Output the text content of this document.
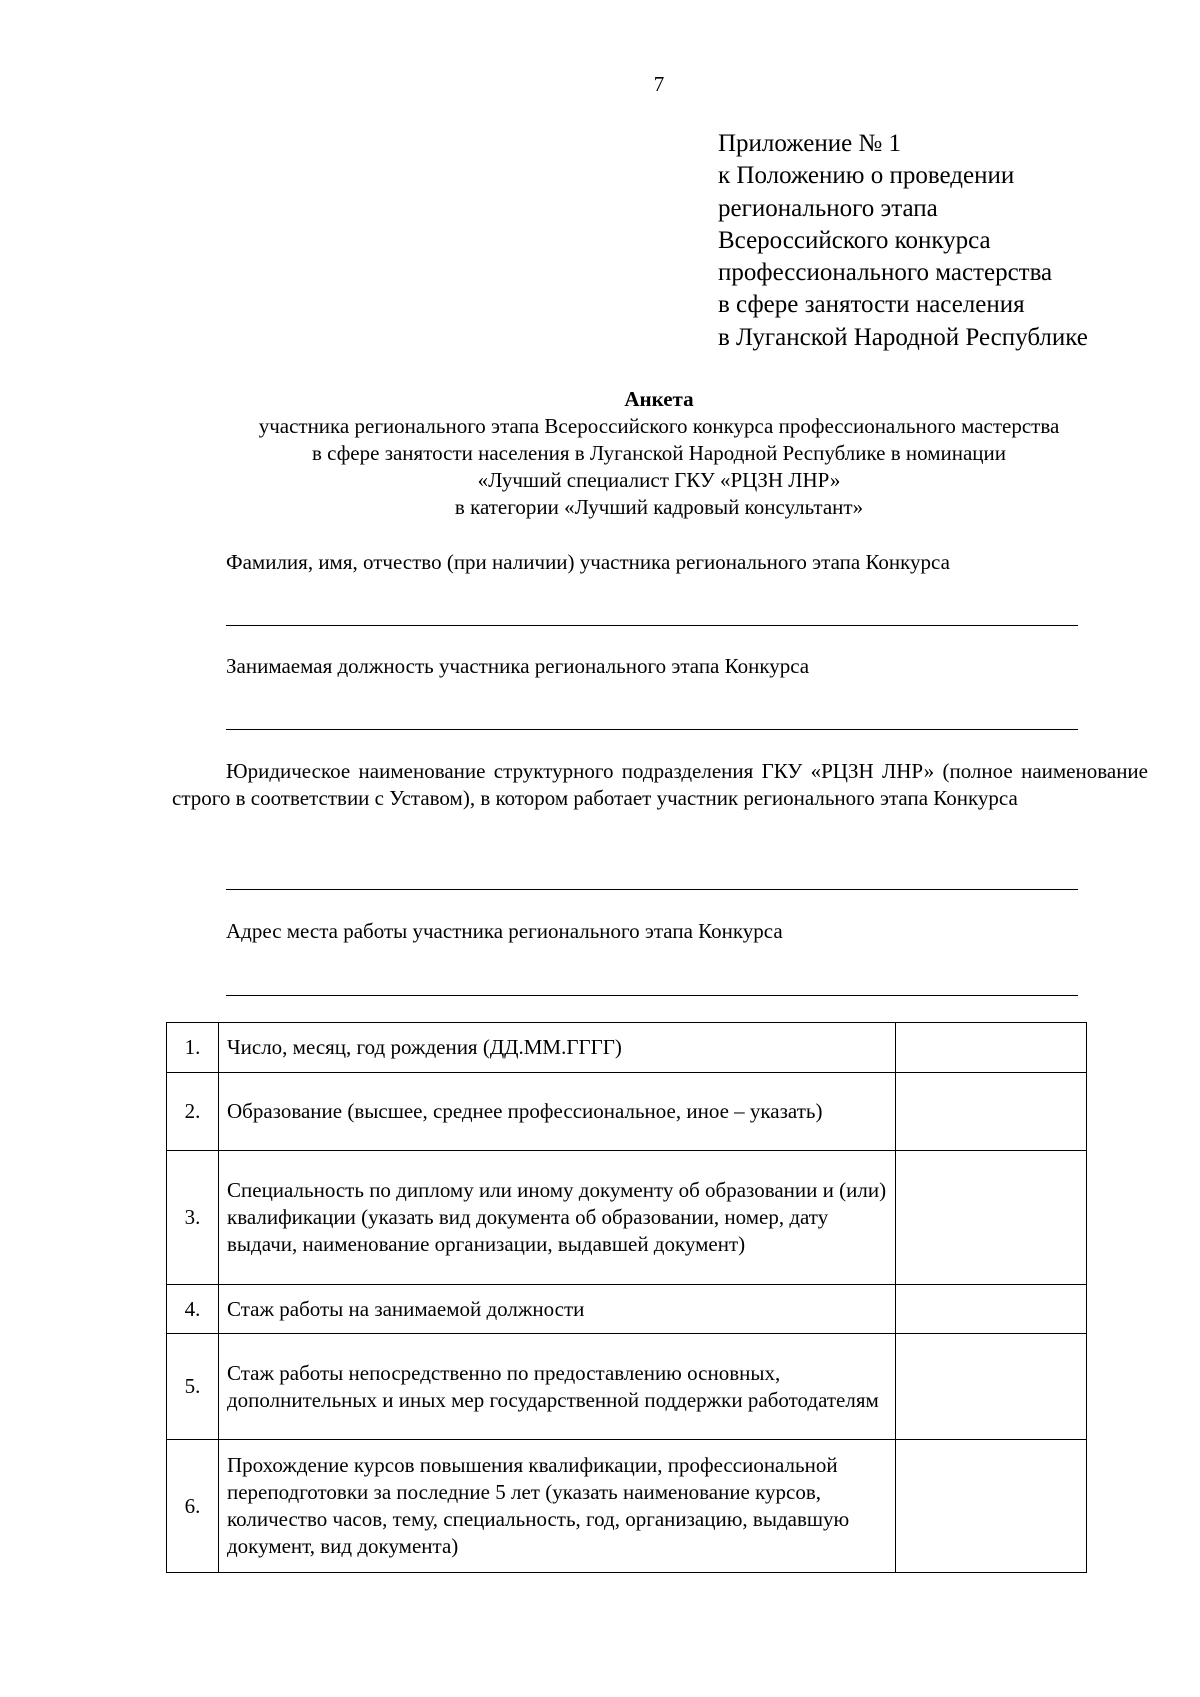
7
Приложение № 1
к Положению о проведении
регионального этапа
Всероссийского конкурса
профессионального мастерства
в сфере занятости населения
в Луганской Народной Республике
Анкета
участника регионального этапа Всероссийского конкурса профессионального мастерства
в сфере занятости населения в Луганской Народной Республике в номинации
«Лучший специалист ГКУ «РЦЗН ЛНР»
в категории «Лучший кадровый консультант»
Фамилия, имя, отчество (при наличии) участника регионального этапа Конкурса
Занимаемая должность участника регионального этапа Конкурса
Юридическое наименование структурного подразделения ГКУ «РЦЗН ЛНР» (полное наименование строго в соответствии с Уставом), в котором работает участник регионального этапа Конкурса
Адрес места работы участника регионального этапа Конкурса
1.	Число, месяц, год рождения (ДД.ММ.ГГГГ)	
2.	Образование (высшее, среднее профессиональное, иное – указать)	
3.	Специальность по диплому или иному документу об образовании и (или) квалификации (указать вид документа об образовании, номер, дату выдачи, наименование организации, выдавшей документ)	
4.	Стаж работы на занимаемой должности	
5.	Стаж работы непосредственно по предоставлению основных, дополнительных и иных мер государственной поддержки работодателям	
6.	Прохождение курсов повышения квалификации, профессиональной переподготовки за последние 5 лет (указать наименование курсов, количество часов, тему, специальность, год, организацию, выдавшую документ, вид документа)	
